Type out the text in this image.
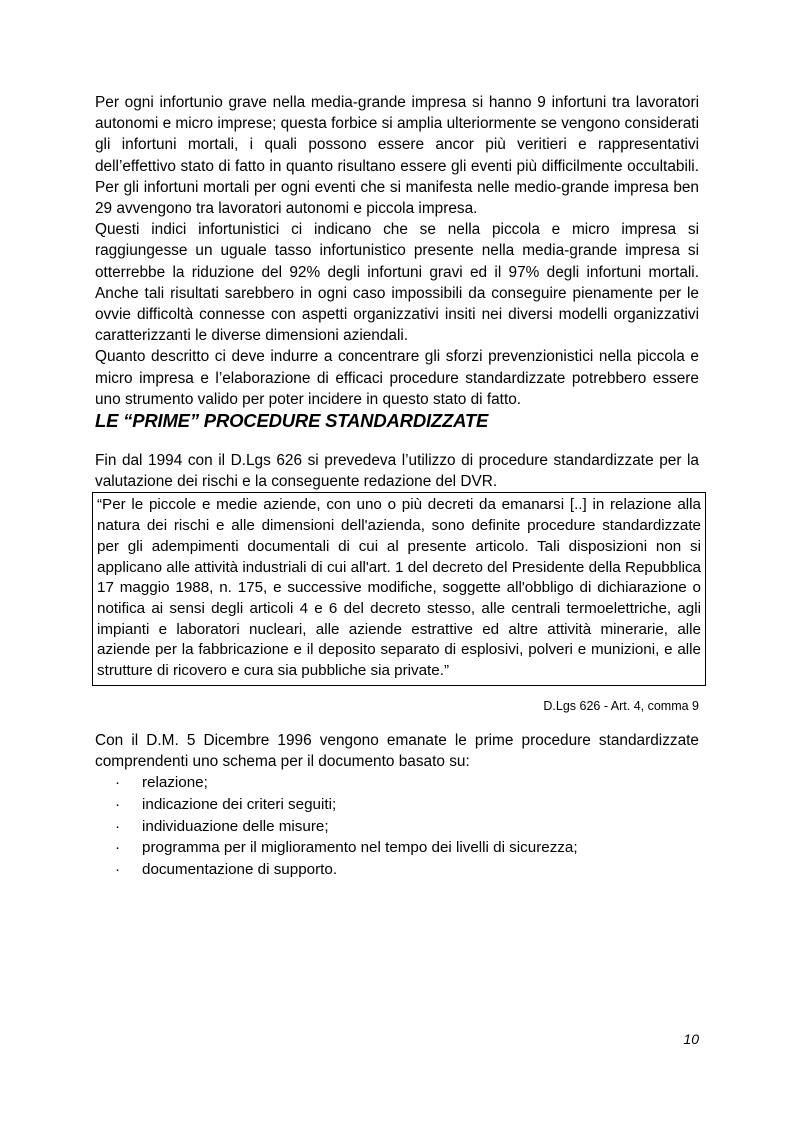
Per ogni infortunio grave nella media-grande impresa si hanno 9 infortuni tra lavoratori autonomi e micro imprese; questa forbice si amplia ulteriormente se vengono considerati gli infortuni mortali, i quali possono essere ancor più veritieri e rappresentativi dell’effettivo stato di fatto in quanto risultano essere gli eventi più difficilmente occultabili. Per gli infortuni mortali per ogni eventi che si manifesta nelle medio-grande impresa ben 29 avvengono tra lavoratori autonomi e piccola impresa.

Questi indici infortunistici ci indicano che se nella piccola e micro impresa si raggiungesse un uguale tasso infortunistico presente nella media-grande impresa si otterrebbe la riduzione del 92% degli infortuni gravi ed il 97% degli infortuni mortali. Anche tali risultati sarebbero in ogni caso impossibili da conseguire pienamente per le ovvie difficoltà connesse con aspetti organizzativi insiti nei diversi modelli organizzativi caratterizzanti le diverse dimensioni aziendali.

Quanto descritto ci deve indurre a concentrare gli sforzi prevenzionistici nella piccola e micro impresa e l’elaborazione di efficaci procedure standardizzate potrebbero essere uno strumento valido per poter incidere in questo stato di fatto.

LE “PRIME” PROCEDURE STANDARDIZZATE

Fin dal 1994 con il D.Lgs 626 si prevedeva l’utilizzo di procedure standardizzate per la valutazione dei rischi e la conseguente redazione del DVR.

“Per le piccole e medie aziende, con uno o più decreti da emanarsi [..] in relazione alla natura dei rischi e alle dimensioni dell'azienda, sono definite procedure standardizzate per gli adempimenti documentali di cui al presente articolo. Tali disposizioni non si applicano alle attività industriali di cui all'art. 1 del decreto del Presidente della Repubblica 17 maggio 1988, n. 175, e successive modifiche, soggette all'obbligo di dichiarazione o notifica ai sensi degli articoli 4 e 6 del decreto stesso, alle centrali termoelettriche, agli impianti e laboratori nucleari, alle aziende estrattive ed altre attività minerarie, alle aziende per la fabbricazione e il deposito separato di esplosivi, polveri e munizioni, e alle strutture di ricovero e cura sia pubbliche sia private.”

D.Lgs 626 - Art. 4, comma 9

Con il D.M. 5 Dicembre 1996 vengono emanate le prime procedure standardizzate comprendenti uno schema per il documento basato su:

· relazione;
· indicazione dei criteri seguiti;
· individuazione delle misure;
· programma per il miglioramento nel tempo dei livelli di sicurezza;
· documentazione di supporto.
10
